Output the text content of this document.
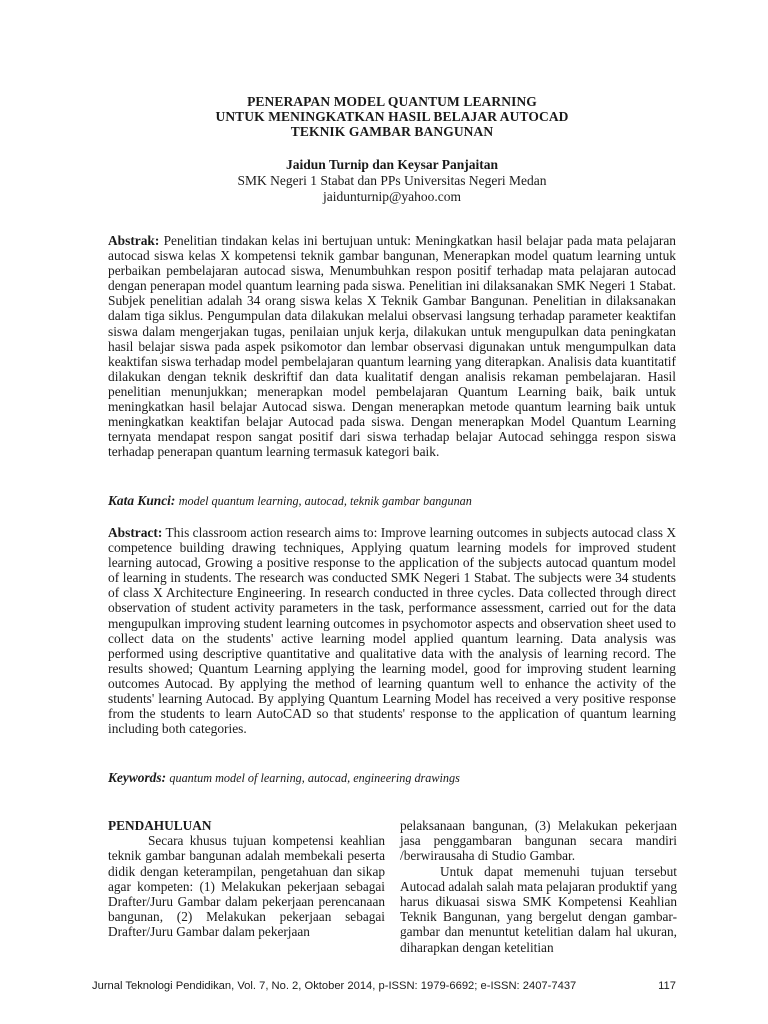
PENERAPAN MODEL QUANTUM LEARNING
UNTUK MENINGKATKAN HASIL BELAJAR AUTOCAD
TEKNIK GAMBAR BANGUNAN
Jaidun Turnip dan Keysar Panjaitan
SMK Negeri 1 Stabat dan PPs Universitas Negeri Medan
jaidunturnip@yahoo.com
Abstrak: Penelitian tindakan kelas ini bertujuan untuk: Meningkatkan hasil belajar pada mata pelajaran autocad siswa kelas X kompetensi teknik gambar bangunan, Menerapkan model quatum learning untuk perbaikan pembelajaran autocad siswa, Menumbuhkan respon positif terhadap mata pelajaran autocad dengan penerapan model quantum learning pada siswa. Penelitian ini dilaksanakan SMK Negeri 1 Stabat. Subjek penelitian adalah 34 orang siswa kelas X Teknik Gambar Bangunan. Penelitian in dilaksanakan dalam tiga siklus. Pengumpulan data dilakukan melalui observasi langsung terhadap parameter keaktifan siswa dalam mengerjakan tugas, penilaian unjuk kerja, dilakukan untuk mengupulkan data peningkatan hasil belajar siswa pada aspek psikomotor dan lembar observasi digunakan untuk mengumpulkan data keaktifan siswa terhadap model pembelajaran quantum learning yang diterapkan. Analisis data kuantitatif dilakukan dengan teknik deskriftif dan data kualitatif dengan analisis rekaman pembelajaran. Hasil penelitian menunjukkan; menerapkan model pembelajaran Quantum Learning baik, baik untuk meningkatkan hasil belajar Autocad siswa. Dengan menerapkan metode quantum learning baik untuk meningkatkan keaktifan belajar Autocad pada siswa. Dengan menerapkan Model Quantum Learning ternyata mendapat respon sangat positif dari siswa terhadap belajar Autocad sehingga respon siswa terhadap penerapan quantum learning termasuk kategori baik.
Kata Kunci: model quantum learning, autocad, teknik gambar bangunan
Abstract: This classroom action research aims to: Improve learning outcomes in subjects autocad class X competence building drawing techniques, Applying quatum learning models for improved student learning autocad, Growing a positive response to the application of the subjects autocad quantum model of learning in students. The research was conducted SMK Negeri 1 Stabat. The subjects were 34 students of class X Architecture Engineering. In research conducted in three cycles. Data collected through direct observation of student activity parameters in the task, performance assessment, carried out for the data mengupulkan improving student learning outcomes in psychomotor aspects and observation sheet used to collect data on the students' active learning model applied quantum learning. Data analysis was performed using descriptive quantitative and qualitative data with the analysis of learning record. The results showed; Quantum Learning applying the learning model, good for improving student learning outcomes Autocad. By applying the method of learning quantum well to enhance the activity of the students' learning Autocad. By applying Quantum Learning Model has received a very positive response from the students to learn AutoCAD so that students' response to the application of quantum learning including both categories.
Keywords: quantum model of learning, autocad, engineering drawings
PENDAHULUAN

Secara khusus tujuan kompetensi keahlian teknik gambar bangunan adalah membekali peserta didik dengan keterampilan, pengetahuan dan sikap agar kompeten: (1) Melakukan pekerjaan sebagai Drafter/Juru Gambar dalam pekerjaan perencanaan bangunan, (2) Melakukan pekerjaan sebagai Drafter/Juru Gambar dalam pekerjaan

pelaksanaan bangunan, (3) Melakukan pekerjaan jasa penggambaran bangunan secara mandiri /berwirausaha di Studio Gambar.

Untuk dapat memenuhi tujuan tersebut Autocad adalah salah mata pelajaran produktif yang harus dikuasai siswa SMK Kompetensi Keahlian Teknik Bangunan, yang bergelut dengan gambar-gambar dan menuntut ketelitian dalam hal ukuran, diharapkan dengan ketelitian

Jurnal Teknologi Pendidikan, Vol. 7, No. 2, Oktober 2014, p-ISSN: 1979-6692; e-ISSN: 2407-7437	117
